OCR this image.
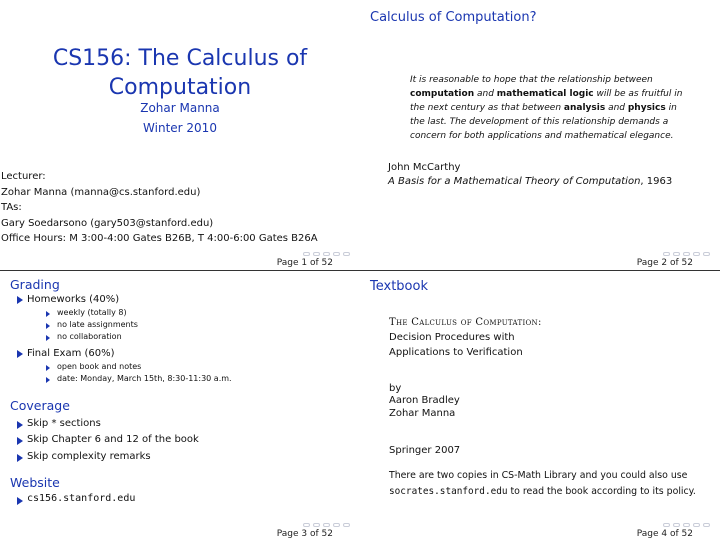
CS156: The Calculus of
Computation
Zohar Manna
Winter 2010
Lecturer:
Zohar Manna (manna@cs.stanford.edu)
TAs:
Gary Soedarsono (gary503@stanford.edu)
Office Hours: M 3:00-4:00 Gates B26B, T 4:00-6:00 Gates B26A
Page 1 of 52
Calculus of Computation?
It is reasonable to hope that the relationship between computation and mathematical logic will be as fruitful in the next century as that between analysis and physics in the last. The development of this relationship demands a concern for both applications and mathematical elegance.
John McCarthy
A Basis for a Mathematical Theory of Computation, 1963
Page 2 of 52
Grading
Homeworks (40%)
weekly (totally 8)
no late assignments
no collaboration
Final Exam (60%)
open book and notes
date: Monday, March 15th, 8:30-11:30 a.m.
Coverage
Skip * sections
Skip Chapter 6 and 12 of the book
Skip complexity remarks
Website
cs156.stanford.edu
Page 3 of 52
Textbook
The Calculus of Computation:
Decision Procedures with
Applications to Verification
by
Aaron Bradley
Zohar Manna
Springer 2007
There are two copies in CS-Math Library and you could also use
socrates.stanford.edu to read the book according to its policy.
Page 4 of 52
